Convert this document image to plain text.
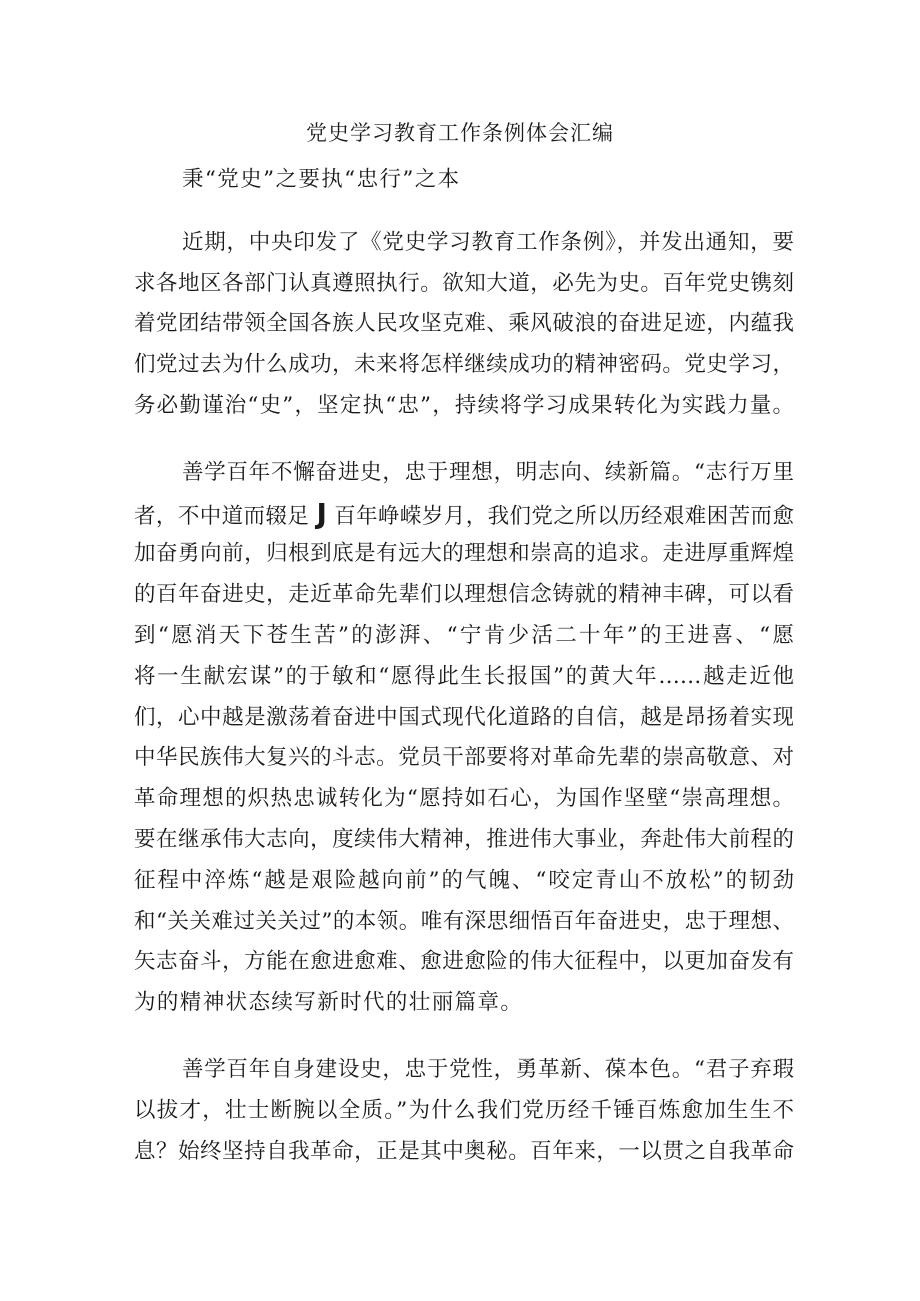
党史学习教育工作条例体会汇编
秉“党史”之要执“忠行”之本
近期，中央印发了《党史学习教育工作条例》，并发出通知，要
求各地区各部门认真遵照执行。欲知大道，必先为史。百年党史镌刻
着党团结带领全国各族人民攻坚克难、乘风破浪的奋进足迹，内蕴我
们党过去为什么成功，未来将怎样继续成功的精神密码。党史学习，
务必勤谨治“史”，坚定执“忠”，持续将学习成果转化为实践力量。
善学百年不懈奋进史，忠于理想，明志向、续新篇。“志行万里
者，不中道而辍足 J 百年峥嵘岁月，我们党之所以历经艰难困苦而愈
加奋勇向前，归根到底是有远大的理想和崇高的追求。走进厚重辉煌
的百年奋进史，走近革命先辈们以理想信念铸就的精神丰碑，可以看
到“愿消天下苍生苦”的澎湃、“宁肯少活二十年”的王进喜、“愿
将一生献宏谋”的于敏和“愿得此生长报国”的黄大年……越走近他
们，心中越是激荡着奋进中国式现代化道路的自信，越是昂扬着实现
中华民族伟大复兴的斗志。党员干部要将对革命先辈的崇高敬意、对
革命理想的炽热忠诚转化为“愿持如石心，为国作坚壁“崇高理想。
要在继承伟大志向，度续伟大精神，推进伟大事业，奔赴伟大前程的
征程中淬炼“越是艰险越向前”的气魄、“咬定青山不放松”的韧劲
和“关关难过关关过”的本领。唯有深思细悟百年奋进史，忠于理想、
矢志奋斗，方能在愈进愈难、愈进愈险的伟大征程中，以更加奋发有
为的精神状态续写新时代的壮丽篇章。
善学百年自身建设史，忠于党性，勇革新、葆本色。“君子弃瑕
以拔才，壮士断腕以全质。”为什么我们党历经千锤百炼愈加生生不
息？始终坚持自我革命，正是其中奥秘。百年来，一以贯之自我革命
